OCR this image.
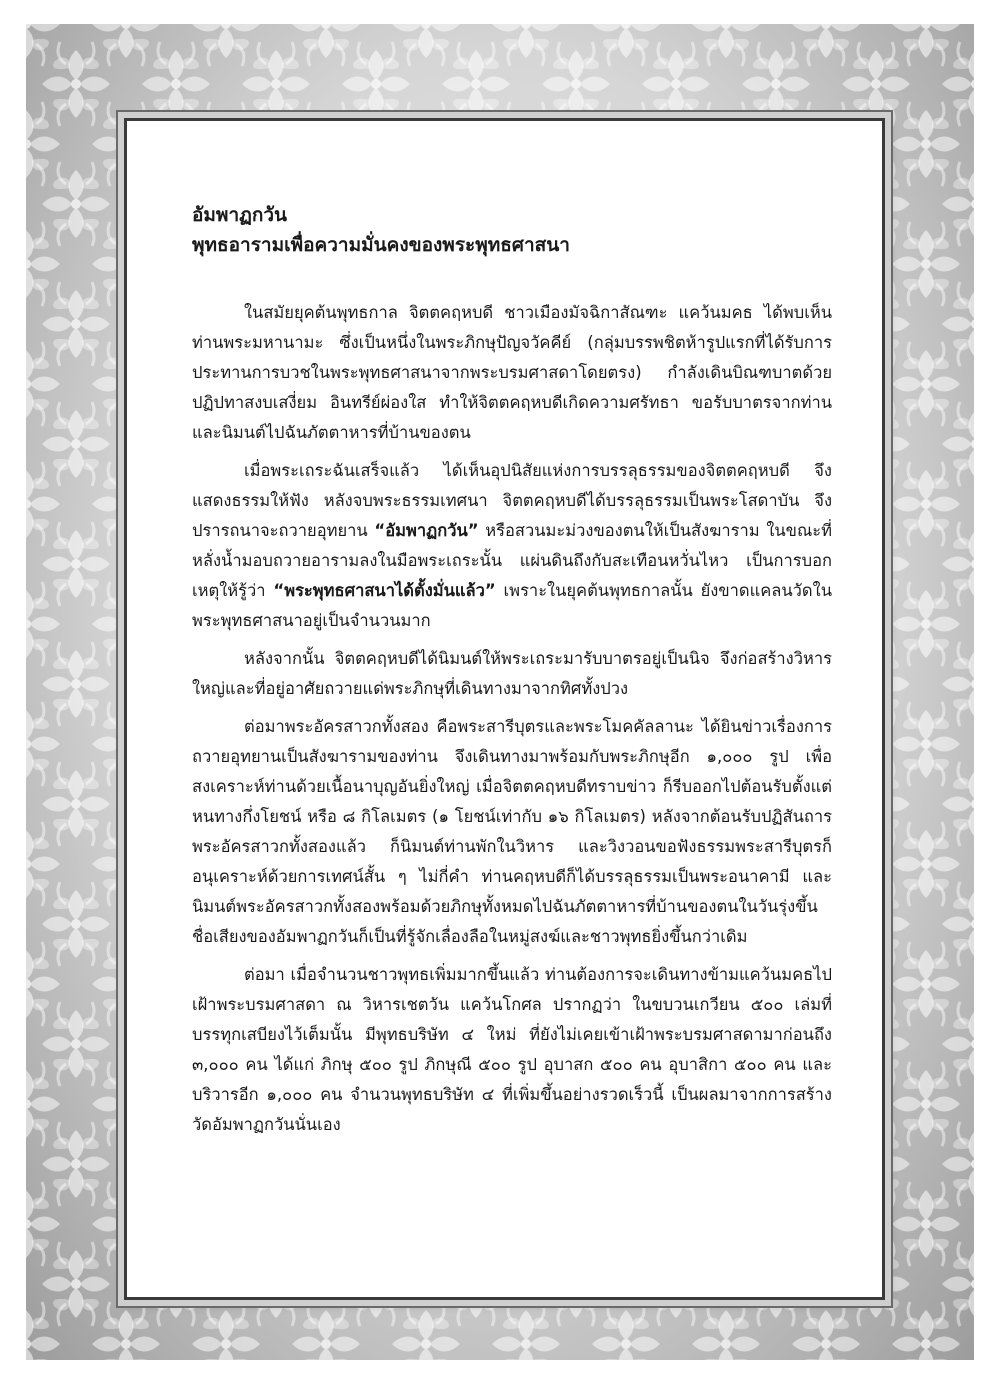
อัมพาฏกวัน
พุทธอารามเพื่อความมั่นคงของพระพุทธศาสนา

ในสมัยยุคต้นพุทธกาล จิตตคฤหบดี ชาวเมืองมัจฉิกาสัณฑะ แคว้นมคธ ได้พบเห็นท่านพระมหานามะ ซึ่งเป็นหนึ่งในพระภิกษุปัญจวัคคีย์ (กลุ่มบรรพชิตห้ารูปแรกที่ได้รับการประทานการบวชในพระพุทธศาสนาจากพระบรมศาสดาโดยตรง) กำลังเดินบิณฑบาตด้วยปฏิปทาสงบเสงี่ยม อินทรีย์ผ่องใส ทำให้จิตตคฤหบดีเกิดความศรัทธา ขอรับบาตรจากท่าน และนิมนต์ไปฉันภัตตาหารที่บ้านของตน

เมื่อพระเถระฉันเสร็จแล้ว ได้เห็นอุปนิสัยแห่งการบรรลุธรรมของจิตตคฤหบดี จึงแสดงธรรมให้ฟัง หลังจบพระธรรมเทศนา จิตตคฤหบดีได้บรรลุธรรมเป็นพระโสดาบัน จึงปรารถนาจะถวายอุทยาน “อัมพาฏกวัน” หรือสวนมะม่วงของตนให้เป็นสังฆาราม ในขณะที่หลั่งน้ำมอบถวายอารามลงในมือพระเถระนั้น แผ่นดินถึงกับสะเทือนหวั่นไหว เป็นการบอกเหตุให้รู้ว่า “พระพุทธศาสนาได้ตั้งมั่นแล้ว” เพราะในยุคต้นพุทธกาลนั้น ยังขาดแคลนวัดในพระพุทธศาสนาอยู่เป็นจำนวนมาก

หลังจากนั้น จิตตคฤหบดีได้นิมนต์ให้พระเถระมารับบาตรอยู่เป็นนิจ จึงก่อสร้างวิหารใหญ่และที่อยู่อาศัยถวายแด่พระภิกษุที่เดินทางมาจากทิศทั้งปวง

ต่อมาพระอัครสาวกทั้งสอง คือพระสารีบุตรและพระโมคคัลลานะ ได้ยินข่าวเรื่องการถวายอุทยานเป็นสังฆารามของท่าน จึงเดินทางมาพร้อมกับพระภิกษุอีก ๑,๐๐๐ รูป เพื่อสงเคราะห์ท่านด้วยเนื้อนาบุญอันยิ่งใหญ่ เมื่อจิตตคฤหบดีทราบข่าว ก็รีบออกไปต้อนรับตั้งแต่หนทางกึ่งโยชน์ หรือ ๘ กิโลเมตร (๑ โยชน์เท่ากับ ๑๖ กิโลเมตร) หลังจากต้อนรับปฏิสันถารพระอัครสาวกทั้งสองแล้ว ก็นิมนต์ท่านพักในวิหาร และวิงวอนขอฟังธรรมพระสารีบุตรก็อนุเคราะห์ด้วยการเทศน์สั้น ๆ ไม่กี่คำ ท่านคฤหบดีก็ได้บรรลุธรรมเป็นพระอนาคามี และนิมนต์พระอัครสาวกทั้งสองพร้อมด้วยภิกษุทั้งหมดไปฉันภัตตาหารที่บ้านของตนในวันรุ่งขึ้น ชื่อเสียงของอัมพาฏกวันก็เป็นที่รู้จักเลื่องลือในหมู่สงฆ์และชาวพุทธยิ่งขึ้นกว่าเดิม

ต่อมา เมื่อจำนวนชาวพุทธเพิ่มมากขึ้นแล้ว ท่านต้องการจะเดินทางข้ามแคว้นมคธไปเฝ้าพระบรมศาสดา ณ วิหารเชตวัน แคว้นโกศล ปรากฏว่า ในขบวนเกวียน ๕๐๐ เล่มที่บรรทุกเสบียงไว้เต็มนั้น มีพุทธบริษัท ๔ ใหม่ ที่ยังไม่เคยเข้าเฝ้าพระบรมศาสดามาก่อนถึง ๓,๐๐๐ คน ได้แก่ ภิกษุ ๕๐๐ รูป ภิกษุณี ๕๐๐ รูป อุบาสก ๕๐๐ คน อุบาสิกา ๕๐๐ คน และบริวารอีก ๑,๐๐๐ คน จำนวนพุทธบริษัท ๔ ที่เพิ่มขึ้นอย่างรวดเร็วนี้ เป็นผลมาจากการสร้างวัดอัมพาฏกวันนั่นเอง
